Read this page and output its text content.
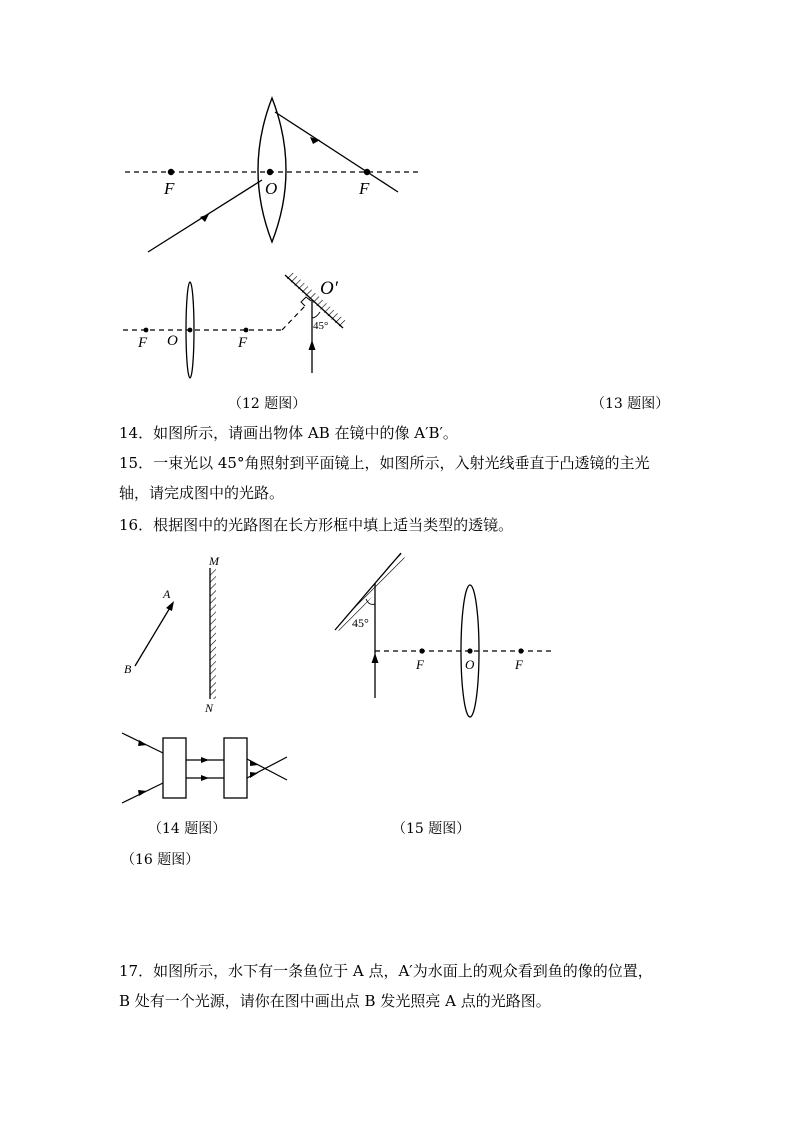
F	O	F
F O	F
O′
45°
A
B
M
N
45°
F	O	F
（12 题图）	（13 题图）
（14 题图）	（15 题图）
（16 题图）
14．如图所示，请画出物体 AB 在镜中的像 A′B′。
15．一束光以 45°角照射到平面镜上，如图所示，入射光线垂直于凸透镜的主光
轴，请完成图中的光路。
16．根据图中的光路图在长方形框中填上适当类型的透镜。
17．如图所示，水下有一条鱼位于 A 点，A′为水面上的观众看到鱼的像的位置，
B 处有一个光源，请你在图中画出点 B 发光照亮 A 点的光路图。
